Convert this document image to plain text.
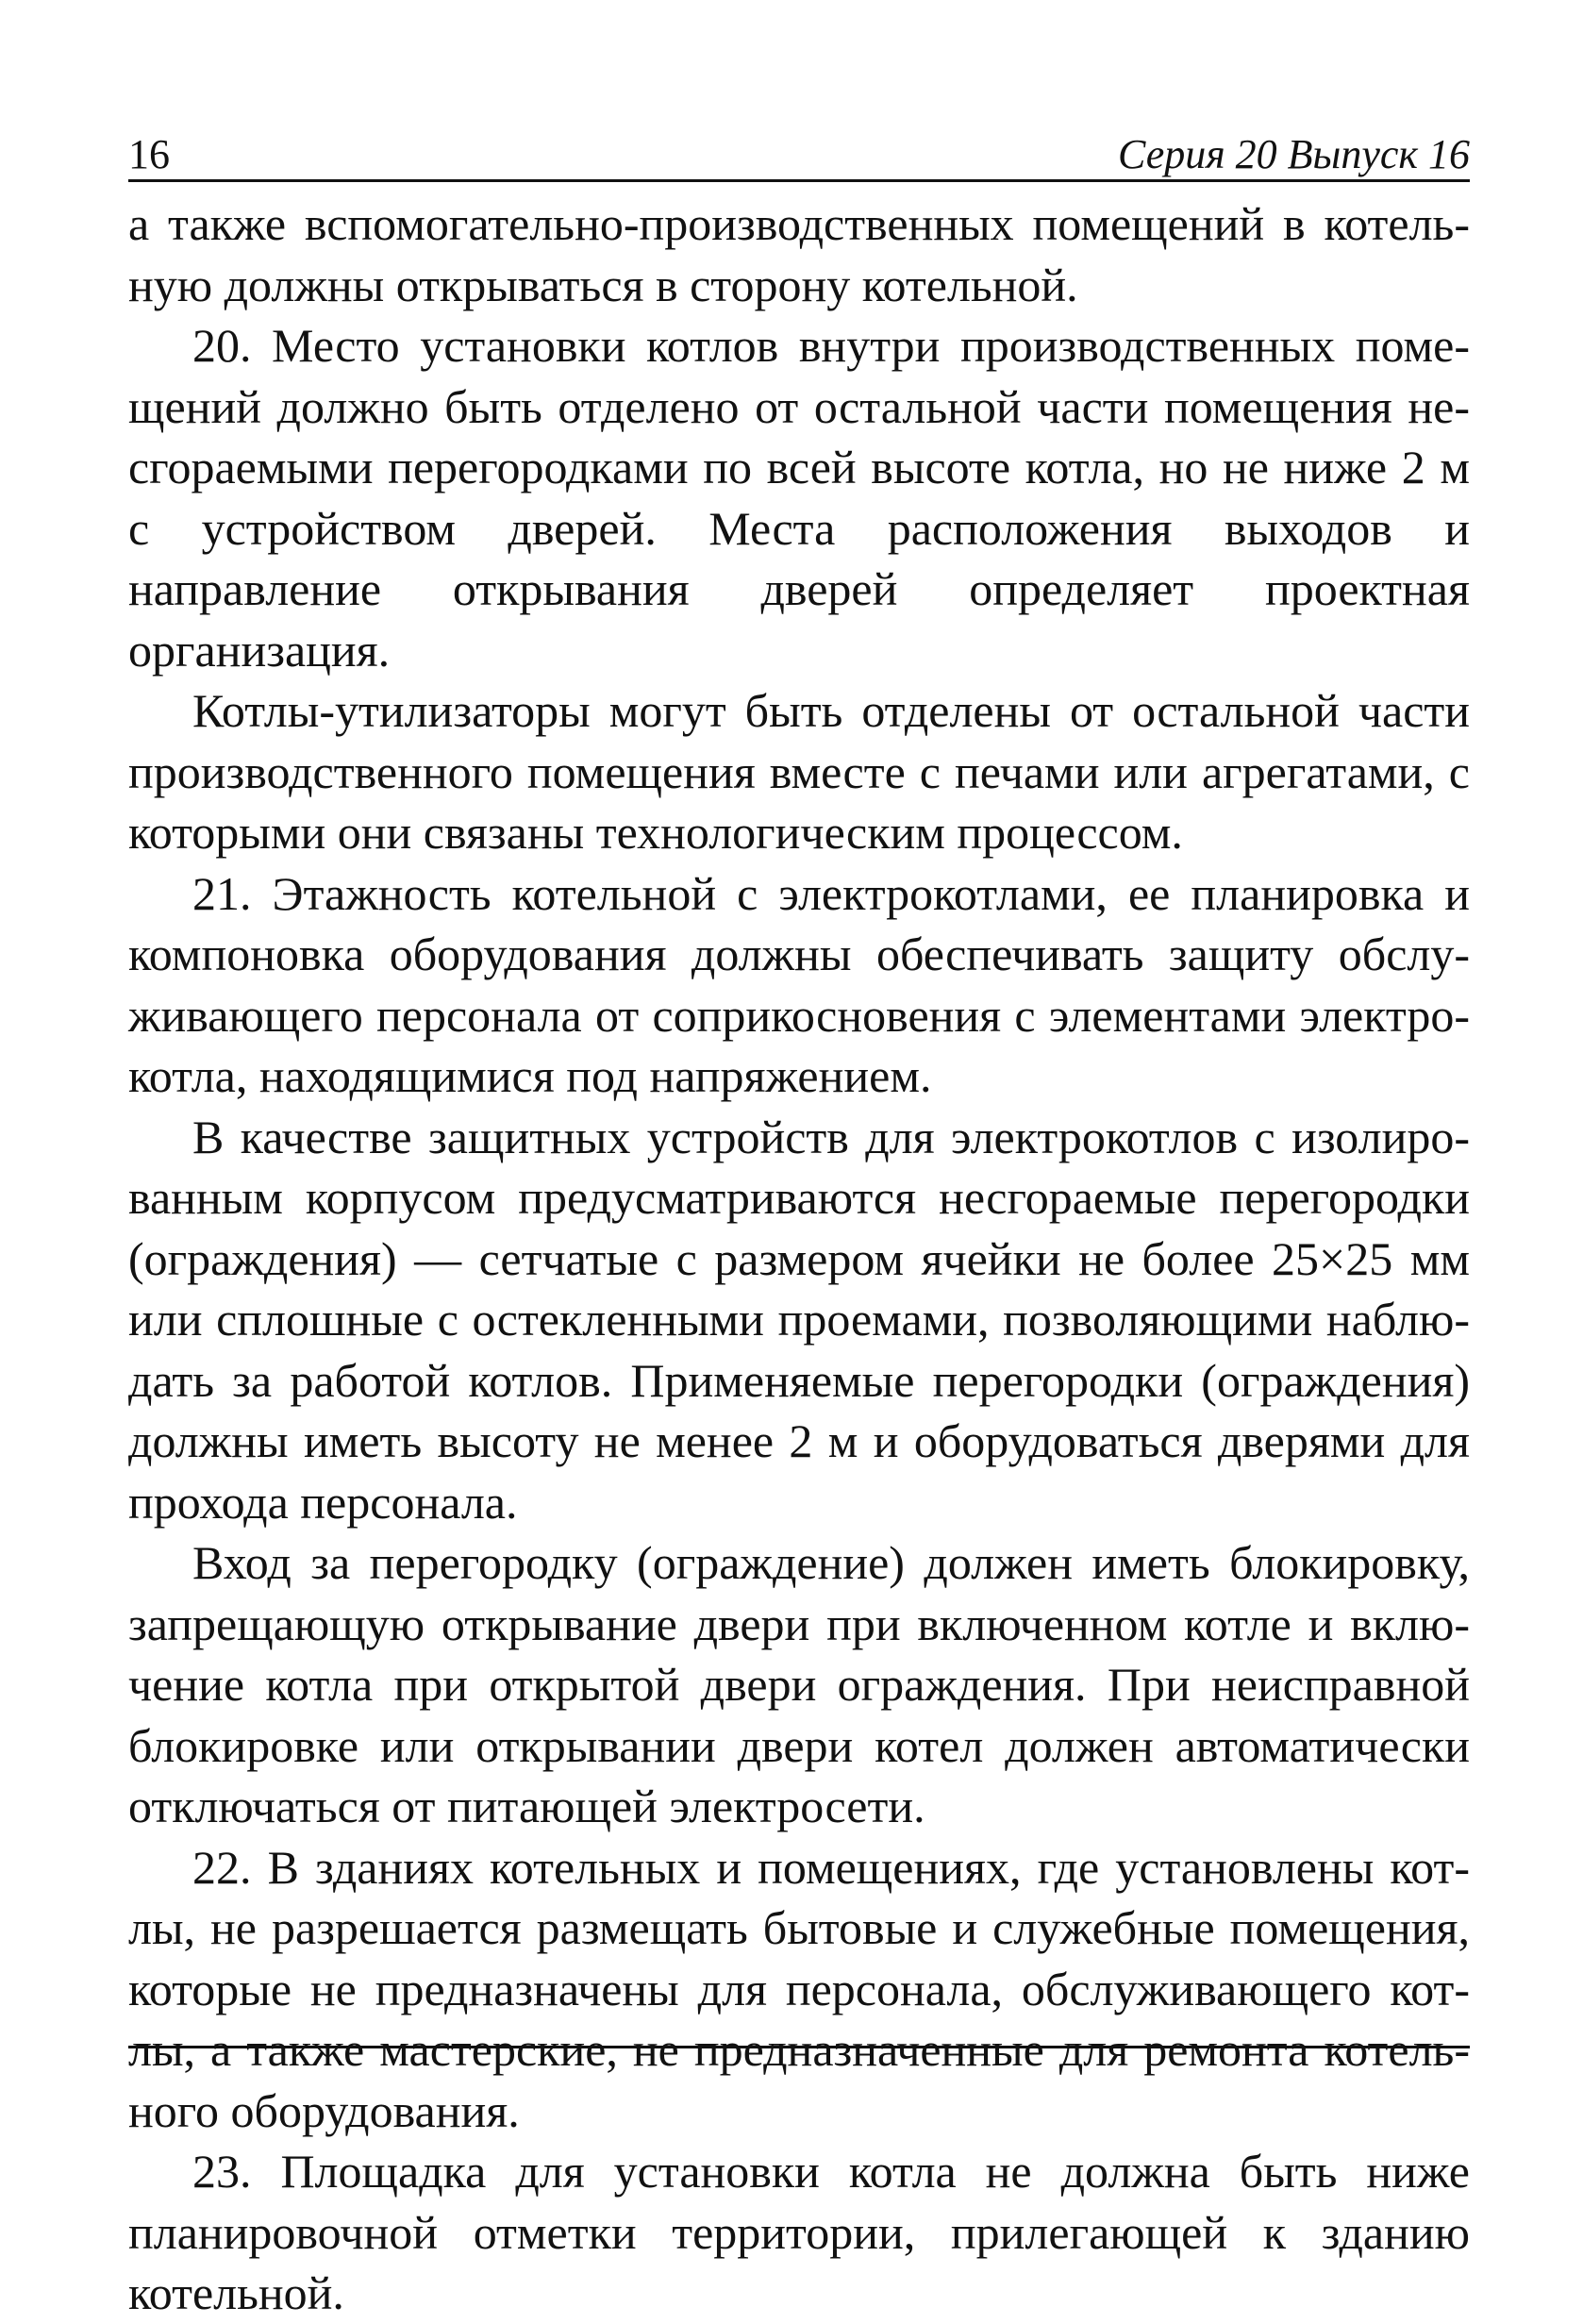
16	Серия 20 Выпуск 16

а также вспомогательно-производственных помещений в котельную должны открываться в сторону котельной.

20. Место установки котлов внутри производственных помещений должно быть отделено от остальной части помещения несгораемыми перегородками по всей высоте котла, но не ниже 2 м с устройством дверей. Места расположения выходов и направление открывания дверей определяет проектная организация.

Котлы-утилизаторы могут быть отделены от остальной части производственного помещения вместе с печами или агрегатами, с которыми они связаны технологическим процессом.

21. Этажность котельной с электрокотлами, ее планировка и компоновка оборудования должны обеспечивать защиту обслуживающего персонала от соприкосновения с элементами электрокотла, находящимися под напряжением.

В качестве защитных устройств для электрокотлов с изолированным корпусом предусматриваются несгораемые перегородки (ограждения) — сетчатые с размером ячейки не более 25×25 мм или сплошные с остекленными проемами, позволяющими наблюдать за работой котлов. Применяемые перегородки (ограждения) должны иметь высоту не менее 2 м и оборудоваться дверями для прохода персонала.

Вход за перегородку (ограждение) должен иметь блокировку, запрещающую открывание двери при включенном котле и включение котла при открытой двери ограждения. При неисправной блокировке или открывании двери котел должен автоматически отключаться от питающей электросети.

22. В зданиях котельных и помещениях, где установлены котлы, не разрешается размещать бытовые и служебные помещения, которые не предназначены для персонала, обслуживающего котлы, а также мастерские, не предназначенные для ремонта котельного оборудования.

23. Площадка для установки котла не должна быть ниже планировочной отметки территории, прилегающей к зданию котельной.
